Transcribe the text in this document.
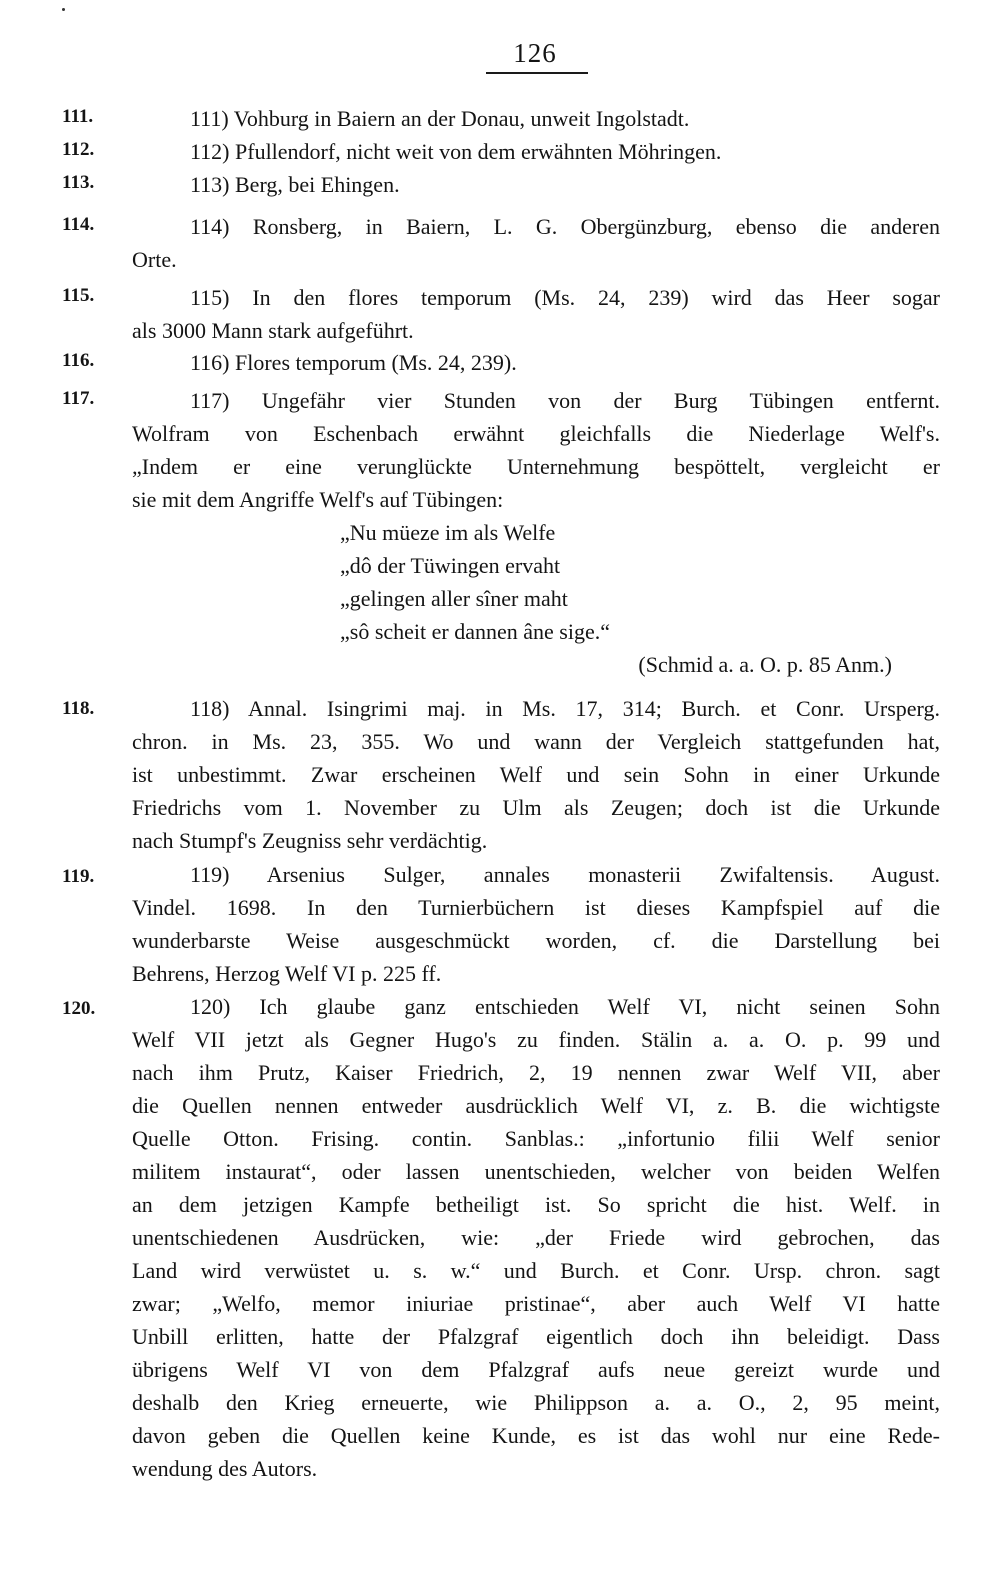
126
111.	111) Vohburg in Baiern an der Donau, unweit Ingolstadt.
112.	112) Pfullendorf, nicht weit von dem erwähnten Möhringen.
113.	113) Berg, bei Ehingen.
114.	114) Ronsberg, in Baiern, L. G. Obergünzburg, ebenso die anderen
Orte.
115.	115) In den flores temporum (Ms. 24, 239) wird das Heer sogar
als 3000 Mann stark aufgeführt.
116.	116) Flores temporum (Ms. 24, 239).
117.	117) Ungefähr vier Stunden von der Burg Tübingen entfernt.
Wolfram von Eschenbach erwähnt gleichfalls die Niederlage Welf's.
„Indem er eine verunglückte Unternehmung bespöttelt, vergleicht er
sie mit dem Angriffe Welf's auf Tübingen:
„Nu müeze im als Welfe
„dô der Tüwingen ervaht
„gelingen aller sîner maht
„sô scheit er dannen âne sige.“
(Schmid a. a. O. p. 85 Anm.)
118.	118) Annal. Isingrimi maj. in Ms. 17, 314; Burch. et Conr. Ursperg.
chron. in Ms. 23, 355. Wo und wann der Vergleich stattgefunden hat,
ist unbestimmt. Zwar erscheinen Welf und sein Sohn in einer Urkunde
Friedrichs vom 1. November zu Ulm als Zeugen; doch ist die Urkunde
nach Stumpf's Zeugniss sehr verdächtig.
119.	119) Arsenius Sulger, annales monasterii Zwifaltensis. August.
Vindel. 1698. In den Turnierbüchern ist dieses Kampfspiel auf die
wunderbarste Weise ausgeschmückt worden, cf. die Darstellung bei
Behrens, Herzog Welf VI p. 225 ff.
120.	120) Ich glaube ganz entschieden Welf VI, nicht seinen Sohn
Welf VII jetzt als Gegner Hugo's zu finden. Stälin a. a. O. p. 99 und
nach ihm Prutz, Kaiser Friedrich, 2, 19 nennen zwar Welf VII, aber
die Quellen nennen entweder ausdrücklich Welf VI, z. B. die wichtigste
Quelle Otton. Frising. contin. Sanblas.: „infortunio filii Welf senior
militem instaurat“, oder lassen unentschieden, welcher von beiden Welfen
an dem jetzigen Kampfe betheiligt ist. So spricht die hist. Welf. in
unentschiedenen Ausdrücken, wie: „der Friede wird gebrochen, das
Land wird verwüstet u. s. w.“ und Burch. et Conr. Ursp. chron. sagt
zwar; „Welfo, memor iniuriae pristinae“, aber auch Welf VI hatte
Unbill erlitten, hatte der Pfalzgraf eigentlich doch ihn beleidigt. Dass
übrigens Welf VI von dem Pfalzgraf aufs neue gereizt wurde und
deshalb den Krieg erneuerte, wie Philippson a. a. O., 2, 95 meint,
davon geben die Quellen keine Kunde, es ist das wohl nur eine Rede-
wendung des Autors.
